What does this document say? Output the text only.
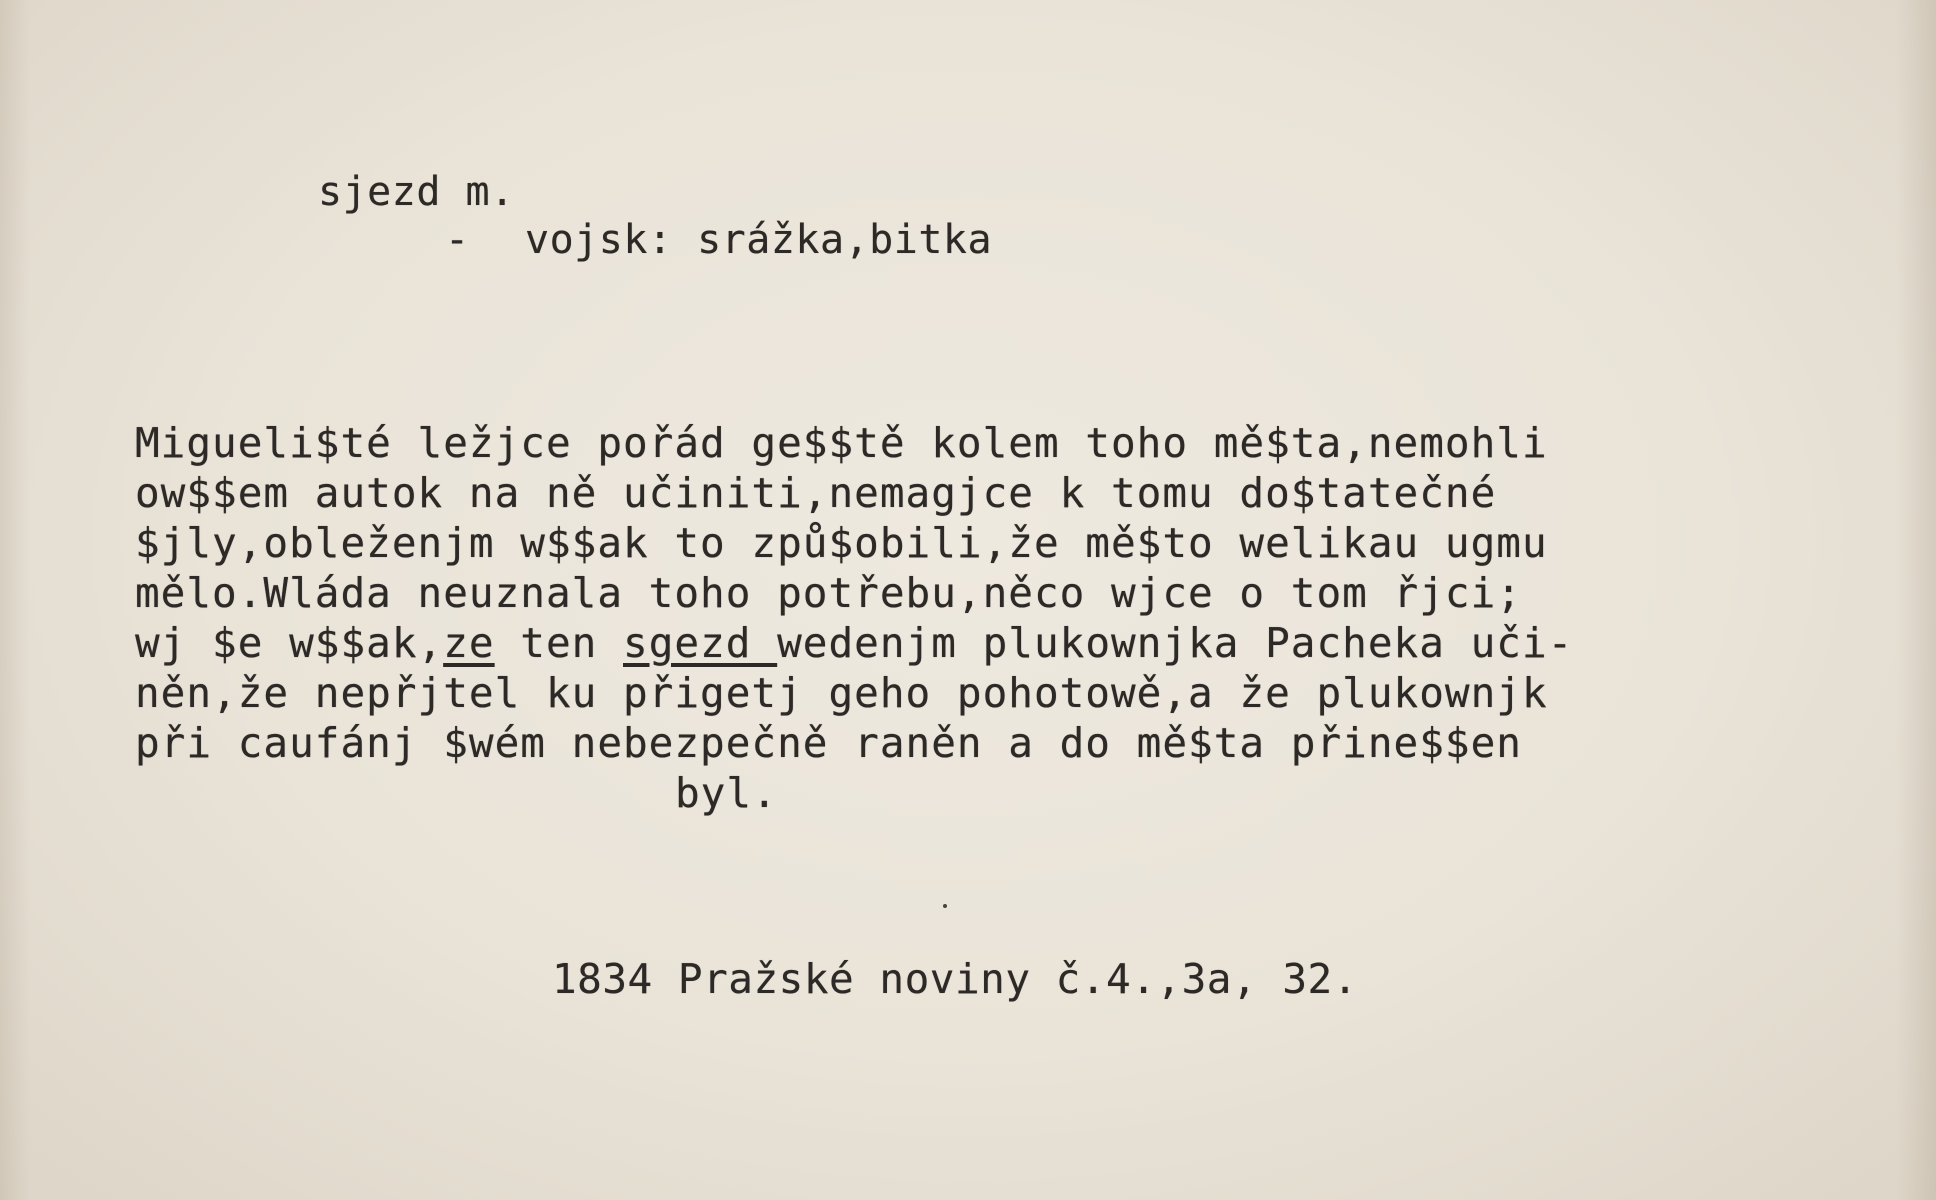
sjezd m.
- vojsk: srážka,bitka
Migueli$té ležjce pořád ge$$tě kolem toho mě$ta,nemohli
ow$$em autok na ně učiniti,nemagjce k tomu do$tatečné
$jly,obleženjm w$$ak to způ$obili,že mě$to welikau ugmu
mělo.Wláda neuznala toho potřebu,něco wjce o tom řjci;
wj $e w$$ak,ze ten sgezd wedenjm plukownjka Pacheka uči-
něn,že nepřjtel ku přigetj geho pohotowě,a že plukownjk
při caufánj $wém nebezpečně raněn a do mě$ta přine$$en
byl.
1834 Pražské noviny č.4.,3a, 32.
